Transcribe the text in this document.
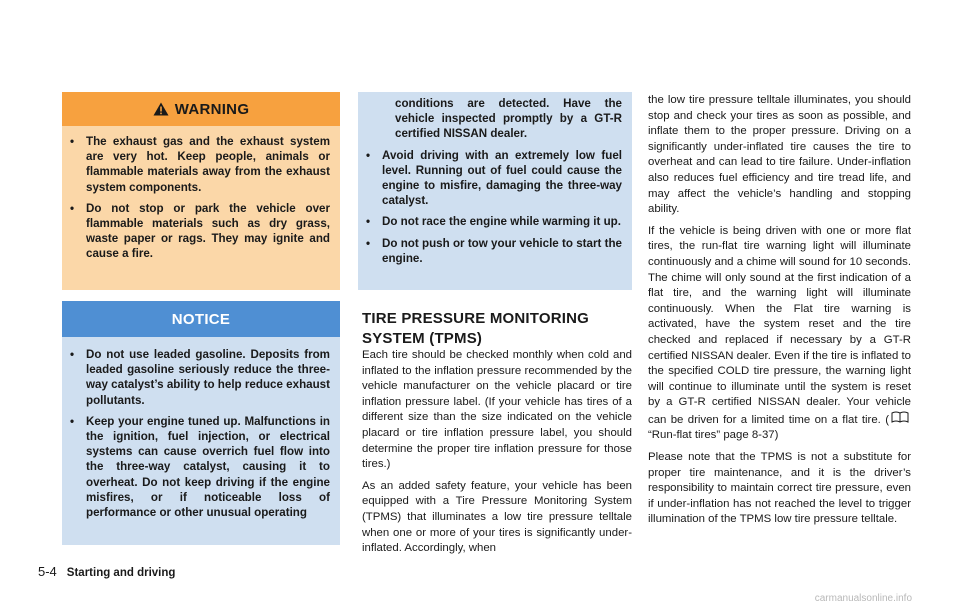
WARNING
• The exhaust gas and the exhaust system are very hot. Keep people, animals or flammable materials away from the exhaust system components.
• Do not stop or park the vehicle over flammable materials such as dry grass, waste paper or rags. They may ignite and cause a fire.
NOTICE
• Do not use leaded gasoline. Deposits from leaded gasoline seriously reduce the three-way catalyst’s ability to help reduce exhaust pollutants.
• Keep your engine tuned up. Malfunctions in the ignition, fuel injection, or electrical systems can cause overrich fuel flow into the three-way catalyst, causing it to overheat. Do not keep driving if the engine misfires, or if noticeable loss of performance or other unusual operating
conditions are detected. Have the vehicle inspected promptly by a GT-R certified NISSAN dealer.
• Avoid driving with an extremely low fuel level. Running out of fuel could cause the engine to misfire, damaging the three-way catalyst.
• Do not race the engine while warming it up.
• Do not push or tow your vehicle to start the engine.
TIRE PRESSURE MONITORING SYSTEM (TPMS)

Each tire should be checked monthly when cold and inflated to the inflation pressure recommended by the vehicle manufacturer on the vehicle placard or tire inflation pressure label. (If your vehicle has tires of a different size than the size indicated on the vehicle placard or tire inflation pressure label, you should determine the proper tire inflation pressure for those tires.)

As an added safety feature, your vehicle has been equipped with a Tire Pressure Monitoring System (TPMS) that illuminates a low tire pressure telltale when one or more of your tires is significantly under-inflated. Accordingly, when

the low tire pressure telltale illuminates, you should stop and check your tires as soon as possible, and inflate them to the proper pressure. Driving on a significantly under-inflated tire causes the tire to overheat and can lead to tire failure. Under-inflation also reduces fuel efficiency and tire tread life, and may affect the vehicle’s handling and stopping ability.

If the vehicle is being driven with one or more flat tires, the run-flat tire warning light will illuminate continuously and a chime will sound for 10 seconds. The chime will only sound at the first indication of a flat tire, and the warning light will illuminate continuously. When the Flat tire warning is activated, have the system reset and the tire checked and replaced if necessary by a GT-R certified NISSAN dealer. Even if the tire is inflated to the specified COLD tire pressure, the warning light will continue to illuminate until the system is reset by a GT-R certified NISSAN dealer. Your vehicle can be driven for a limited time on a flat tire. (“Run-flat tires” page 8-37)

Please note that the TPMS is not a substitute for proper tire maintenance, and it is the driver’s responsibility to maintain correct tire pressure, even if under-inflation has not reached the level to trigger illumination of the TPMS low tire pressure telltale.

5-4 Starting and driving
carmanualsonline.info
